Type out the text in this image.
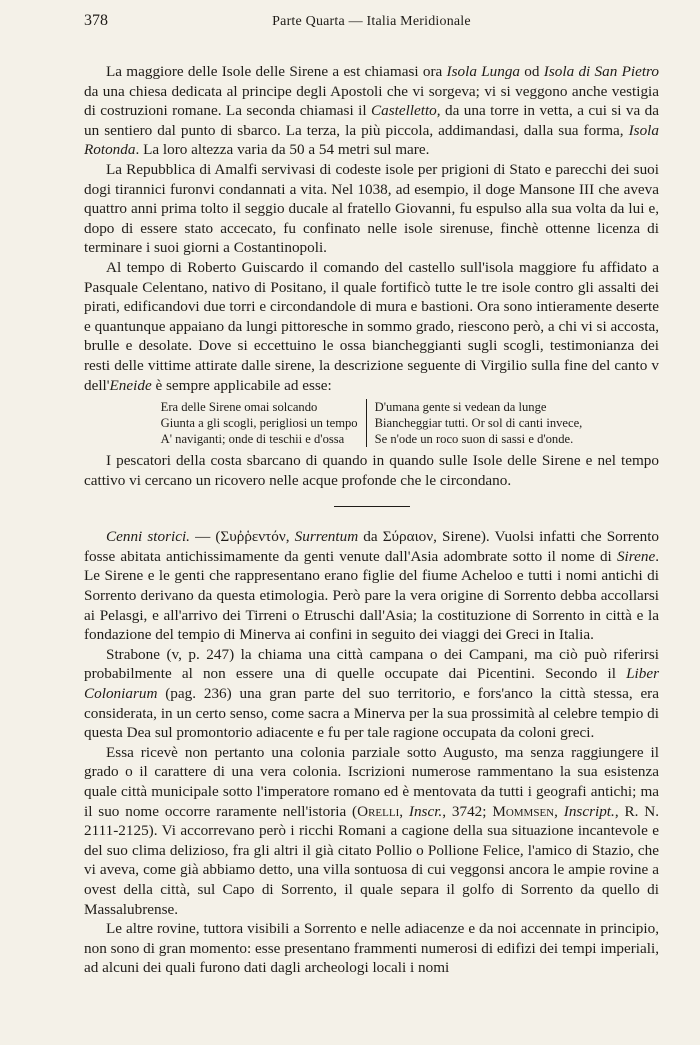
378	Parte Quarta — Italia Meridionale

La maggiore delle Isole delle Sirene a est chiamasi ora Isola Lunga od Isola di San Pietro da una chiesa dedicata al principe degli Apostoli che vi sorgeva; vi si veggono anche vestigia di costruzioni romane. La seconda chiamasi il Castelletto, da una torre in vetta, a cui si va da un sentiero dal punto di sbarco. La terza, la più piccola, addimandasi, dalla sua forma, Isola Rotonda. La loro altezza varia da 50 a 54 metri sul mare.

La Repubblica di Amalfi servivasi di codeste isole per prigioni di Stato e parecchi dei suoi dogi tirannici furonvi condannati a vita. Nel 1038, ad esempio, il doge Mansone III che aveva quattro anni prima tolto il seggio ducale al fratello Giovanni, fu espulso alla sua volta da lui e, dopo di essere stato accecato, fu confinato nelle isole sirenuse, finchè ottenne licenza di terminare i suoi giorni a Costantinopoli.

Al tempo di Roberto Guiscardo il comando del castello sull'isola maggiore fu affidato a Pasquale Celentano, nativo di Positano, il quale fortificò tutte le tre isole contro gli assalti dei pirati, edificandovi due torri e circondandole di mura e bastioni. Ora sono intieramente deserte e quantunque appaiano da lungi pittoresche in sommo grado, riescono però, a chi vi si accosta, brulle e desolate. Dove si eccettuino le ossa biancheggianti sugli scogli, testimonianza dei resti delle vittime attirate dalle sirene, la descrizione seguente di Virgilio sulla fine del canto v dell'Eneide è sempre applicabile ad esse:

Era delle Sirene omai solcando
Giunta a gli scogli, perigliosi un tempo
A' naviganti; onde di teschii e d'ossa
D'umana gente si vedean da lunge
Biancheggiar tutti. Or sol di canti invece,
Se n'ode un roco suon di sassi e d'onde.

I pescatori della costa sbarcano di quando in quando sulle Isole delle Sirene e nel tempo cattivo vi cercano un ricovero nelle acque profonde che le circondano.

Cenni storici. — (Συῤῥεντόν, Surrentum da Σύραιον, Sirene). Vuolsi infatti che Sorrento fosse abitata antichissimamente da genti venute dall'Asia adombrate sotto il nome di Sirene. Le Sirene e le genti che rappresentano erano figlie del fiume Acheloo e tutti i nomi antichi di Sorrento derivano da questa etimologia. Però pare la vera origine di Sorrento debba accollarsi ai Pelasgi, e all'arrivo dei Tirreni o Etruschi dall'Asia; la costituzione di Sorrento in città e la fondazione del tempio di Minerva ai confini in seguito dei viaggi dei Greci in Italia.

Strabone (v, p. 247) la chiama una città campana o dei Campani, ma ciò può riferirsi probabilmente al non essere una di quelle occupate dai Picentini. Secondo il Liber Coloniarum (pag. 236) una gran parte del suo territorio, e fors'anco la città stessa, era considerata, in un certo senso, come sacra a Minerva per la sua prossimità al celebre tempio di questa Dea sul promontorio adiacente e fu per tale ragione occupata da coloni greci.

Essa ricevè non pertanto una colonia parziale sotto Augusto, ma senza raggiungere il grado o il carattere di una vera colonia. Iscrizioni numerose rammentano la sua esistenza quale città municipale sotto l'imperatore romano ed è mentovata da tutti i geografi antichi; ma il suo nome occorre raramente nell'istoria (Orelli, Inscr., 3742; Mommsen, Inscript., R. N. 2111-2125). Vi accorrevano però i ricchi Romani a cagione della sua situazione incantevole e del suo clima delizioso, fra gli altri il già citato Pollio o Pollione Felice, l'amico di Stazio, che vi aveva, come già abbiamo detto, una villa sontuosa di cui veggonsi ancora le ampie rovine a ovest della città, sul Capo di Sorrento, il quale separa il golfo di Sorrento da quello di Massalubrense.

Le altre rovine, tuttora visibili a Sorrento e nelle adiacenze e da noi accennate in principio, non sono di gran momento: esse presentano frammenti numerosi di edifizi dei tempi imperiali, ad alcuni dei quali furono dati dagli archeologi locali i nomi
